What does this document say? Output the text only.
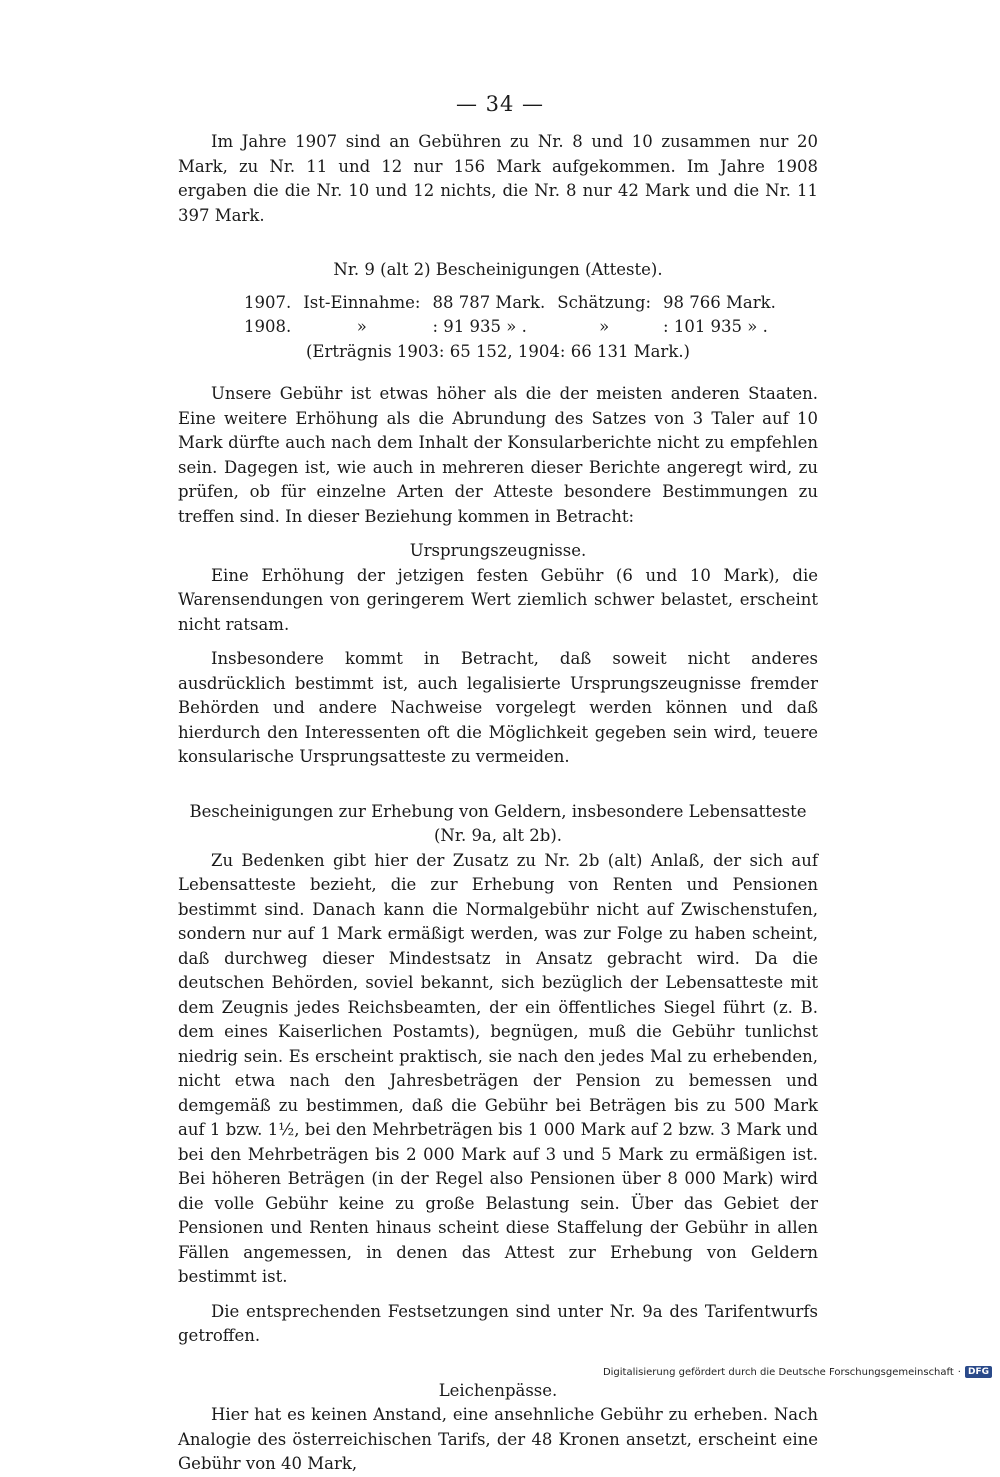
— 34 —

Im Jahre 1907 sind an Gebühren zu Nr. 8 und 10 zusammen nur 20 Mark, zu Nr. 11 und 12 nur 156 Mark aufgekommen. Im Jahre 1908 ergaben die die Nr. 10 und 12 nichts, die Nr. 8 nur 42 Mark und die Nr. 11 397 Mark.

Nr. 9 (alt 2) Bescheinigungen (Atteste).

1907.	Ist-Einnahme:	88 787 Mark.	Schätzung:	98 766 Mark.
1908.	»	: 91 935 » .	»	: 101 935 » .

(Erträgnis 1903: 65 152, 1904: 66 131 Mark.)

Unsere Gebühr ist etwas höher als die der meisten anderen Staaten. Eine weitere Erhöhung als die Abrundung des Satzes von 3 Taler auf 10 Mark dürfte auch nach dem Inhalt der Konsularberichte nicht zu empfehlen sein. Dagegen ist, wie auch in mehreren dieser Berichte angeregt wird, zu prüfen, ob für einzelne Arten der Atteste besondere Bestimmungen zu treffen sind. In dieser Beziehung kommen in Betracht:

Ursprungszeugnisse.

Eine Erhöhung der jetzigen festen Gebühr (6 und 10 Mark), die Warensendungen von geringerem Wert ziemlich schwer belastet, erscheint nicht ratsam.

Insbesondere kommt in Betracht, daß soweit nicht anderes ausdrücklich bestimmt ist, auch legalisierte Ursprungszeugnisse fremder Behörden und andere Nachweise vorgelegt werden können und daß hierdurch den Interessenten oft die Möglichkeit gegeben sein wird, teuere konsularische Ursprungsatteste zu vermeiden.

Bescheinigungen zur Erhebung von Geldern, insbesondere Lebensatteste

(Nr. 9a, alt 2b).

Zu Bedenken gibt hier der Zusatz zu Nr. 2b (alt) Anlaß, der sich auf Lebensatteste bezieht, die zur Erhebung von Renten und Pensionen bestimmt sind. Danach kann die Normalgebühr nicht auf Zwischenstufen, sondern nur auf 1 Mark ermäßigt werden, was zur Folge zu haben scheint, daß durchweg dieser Mindestsatz in Ansatz gebracht wird. Da die deutschen Behörden, soviel bekannt, sich bezüglich der Lebensatteste mit dem Zeugnis jedes Reichsbeamten, der ein öffentliches Siegel führt (z. B. dem eines Kaiserlichen Postamts), begnügen, muß die Gebühr tunlichst niedrig sein. Es erscheint praktisch, sie nach den jedes Mal zu erhebenden, nicht etwa nach den Jahresbeträgen der Pension zu bemessen und demgemäß zu bestimmen, daß die Gebühr bei Beträgen bis zu 500 Mark auf 1 bzw. 1½, bei den Mehrbeträgen bis 1 000 Mark auf 2 bzw. 3 Mark und bei den Mehrbeträgen bis 2 000 Mark auf 3 und 5 Mark zu ermäßigen ist. Bei höheren Beträgen (in der Regel also Pensionen über 8 000 Mark) wird die volle Gebühr keine zu große Belastung sein. Über das Gebiet der Pensionen und Renten hinaus scheint diese Staffelung der Gebühr in allen Fällen angemessen, in denen das Attest zur Erhebung von Geldern bestimmt ist.

Die entsprechenden Festsetzungen sind unter Nr. 9a des Tarifentwurfs getroffen.

Leichenpässe.

Hier hat es keinen Anstand, eine ansehnliche Gebühr zu erheben. Nach Analogie des österreichischen Tarifs, der 48 Kronen ansetzt, erscheint eine Gebühr von 40 Mark,

Digitalisierung gefördert durch die Deutsche Forschungsgemeinschaft · DFG
